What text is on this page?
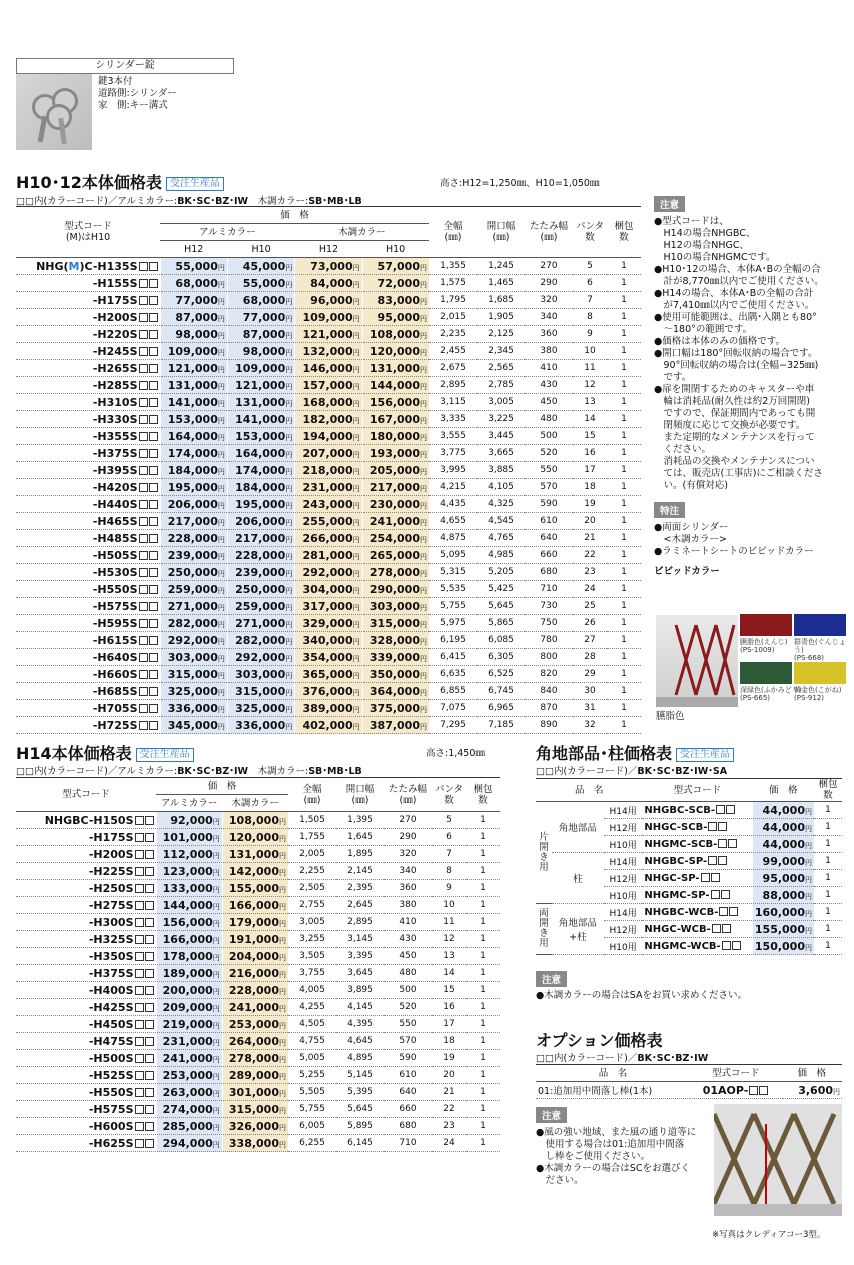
シリンダー錠
鍵3本付
道路側:シリンダー
家　側:キー溝式
H10･12本体価格表 受注生産品	高さ:H12=1,250㎜、H10=1,050㎜
□□内(カラーコード)／アルミカラー:BK･SC･BZ･IW　 木調カラー:SB･MB･LB
型式コード
(M)はH10	価　格				全幅
(㎜)	開口幅
(㎜)	たたみ幅
(㎜)	パンタ
数	梱包
数
	アルミカラー		木調カラー						
	H12	H10	H12	H10					
NHG(M)C-H135S	55,000円	45,000円	73,000円	57,000円	1,355	1,245	270	5	1
-H155S	68,000円	55,000円	84,000円	72,000円	1,575	1,465	290	6	1
-H175S	77,000円	68,000円	96,000円	83,000円	1,795	1,685	320	7	1
-H200S	87,000円	77,000円	109,000円	95,000円	2,015	1,905	340	8	1
-H220S	98,000円	87,000円	121,000円	108,000円	2,235	2,125	360	9	1
-H245S	109,000円	98,000円	132,000円	120,000円	2,455	2,345	380	10	1
-H265S	121,000円	109,000円	146,000円	131,000円	2,675	2,565	410	11	1
-H285S	131,000円	121,000円	157,000円	144,000円	2,895	2,785	430	12	1
-H310S	141,000円	131,000円	168,000円	156,000円	3,115	3,005	450	13	1
-H330S	153,000円	141,000円	182,000円	167,000円	3,335	3,225	480	14	1
-H355S	164,000円	153,000円	194,000円	180,000円	3,555	3,445	500	15	1
-H375S	174,000円	164,000円	207,000円	193,000円	3,775	3,665	520	16	1
-H395S	184,000円	174,000円	218,000円	205,000円	3,995	3,885	550	17	1
-H420S	195,000円	184,000円	231,000円	217,000円	4,215	4,105	570	18	1
-H440S	206,000円	195,000円	243,000円	230,000円	4,435	4,325	590	19	1
-H465S	217,000円	206,000円	255,000円	241,000円	4,655	4,545	610	20	1
-H485S	228,000円	217,000円	266,000円	254,000円	4,875	4,765	640	21	1
-H505S	239,000円	228,000円	281,000円	265,000円	5,095	4,985	660	22	1
-H530S	250,000円	239,000円	292,000円	278,000円	5,315	5,205	680	23	1
-H550S	259,000円	250,000円	304,000円	290,000円	5,535	5,425	710	24	1
-H575S	271,000円	259,000円	317,000円	303,000円	5,755	5,645	730	25	1
-H595S	282,000円	271,000円	329,000円	315,000円	5,975	5,865	750	26	1
-H615S	292,000円	282,000円	340,000円	328,000円	6,195	6,085	780	27	1
-H640S	303,000円	292,000円	354,000円	339,000円	6,415	6,305	800	28	1
-H660S	315,000円	303,000円	365,000円	350,000円	6,635	6,525	820	29	1
-H685S	325,000円	315,000円	376,000円	364,000円	6,855	6,745	840	30	1
-H705S	336,000円	325,000円	389,000円	375,000円	7,075	6,965	870	31	1
-H725S	345,000円	336,000円	402,000円	387,000円	7,295	7,185	890	32	1
注意
●型式コードは、
　H14の場合NHGBC、
　H12の場合NHGC、
　H10の場合NHGMCです。
●H10･12の場合、本体A･Bの全幅の合
　計が8,770㎜以内でご使用ください。
●H14の場合、本体A･Bの全幅の合計
　が7,410㎜以内でご使用ください。
●使用可能範囲は、出隅･入隅とも80°
　〜180°の範囲です。
●価格は本体のみの価格です。
●開口幅は180°回転収納の場合です。
　90°回転収納の場合は(全幅−325㎜)
　です。
●扉を開閉するためのキャスターや車
　輪は消耗品(耐久性は約2万回開閉)
　ですので、保証期間内であっても開
　閉頻度に応じて交換が必要です。
　また定期的なメンテナンスを行って
　ください。
　消耗品の交換やメンテナンスについ
　ては、販売店(工事店)にご相談くださ
　い。(有償対応)
特注
●両面シリンダー
　<木調カラー>
●ラミネートシートのビビッドカラー
ビビッドカラー
臙脂色
臙脂色(えんじ)
(PS-1009)
群青色(ぐんじょう)
(PS-668)
深緑色(ふかみどり)
(PS-665)
黄金色(こがね)
(PS-912)
H14本体価格表 受注生産品	高さ:1,450㎜
□□内(カラーコード)／アルミカラー:BK･SC･BZ･IW　 木調カラー:SB･MB･LB
型式コード	価　格		全幅
(㎜)	開口幅
(㎜)	たたみ幅
(㎜)	パンタ
数	梱包
数
	アルミカラー	木調カラー					
NHGBC-H150S	92,000円	108,000円	1,505	1,395	270	5	1
-H175S	101,000円	120,000円	1,755	1,645	290	6	1
-H200S	112,000円	131,000円	2,005	1,895	320	7	1
-H225S	123,000円	142,000円	2,255	2,145	340	8	1
-H250S	133,000円	155,000円	2,505	2,395	360	9	1
-H275S	144,000円	166,000円	2,755	2,645	380	10	1
-H300S	156,000円	179,000円	3,005	2,895	410	11	1
-H325S	166,000円	191,000円	3,255	3,145	430	12	1
-H350S	178,000円	204,000円	3,505	3,395	450	13	1
-H375S	189,000円	216,000円	3,755	3,645	480	14	1
-H400S	200,000円	228,000円	4,005	3,895	500	15	1
-H425S	209,000円	241,000円	4,255	4,145	520	16	1
-H450S	219,000円	253,000円	4,505	4,395	550	17	1
-H475S	231,000円	264,000円	4,755	4,645	570	18	1
-H500S	241,000円	278,000円	5,005	4,895	590	19	1
-H525S	253,000円	289,000円	5,255	5,145	610	20	1
-H550S	263,000円	301,000円	5,505	5,395	640	21	1
-H575S	274,000円	315,000円	5,755	5,645	660	22	1
-H600S	285,000円	326,000円	6,005	5,895	680	23	1
-H625S	294,000円	338,000円	6,255	6,145	710	24	1
角地部品･柱価格表 受注生産品
□□内(カラーコード)／BK･SC･BZ･IW･SA
品　名			型式コード	価　格	梱包
数
片
開
き
用	角地部品	H14用	NHGBC-SCB-	44,000円	1
		H12用	NHGC-SCB-	44,000円	1
		H10用	NHGMC-SCB-	44,000円	1
	柱	H14用	NHGBC-SP-	99,000円	1
		H12用	NHGC-SP-	95,000円	1
		H10用	NHGMC-SP-	88,000円	1
両
開
き
用	角地部品
+柱	H14用	NHGBC-WCB-	160,000円	1
		H12用	NHGC-WCB-	155,000円	1
		H10用	NHGMC-WCB-	150,000円	1
注意
●木調カラーの場合はSAをお買い求めください。
オプション価格表
□□内(カラーコード)／BK･SC･BZ･IW
品　名	型式コード	価　格
01:追加用中間落し棒(1本)	01AOP-	3,600円
注意
●風の強い地域、また風の通り道等に
　使用する場合は01:追加用中間落
　し棒をご使用ください。
●木調カラーの場合はSCをお選びく
　ださい。
※写真はクレディアコー3型。
